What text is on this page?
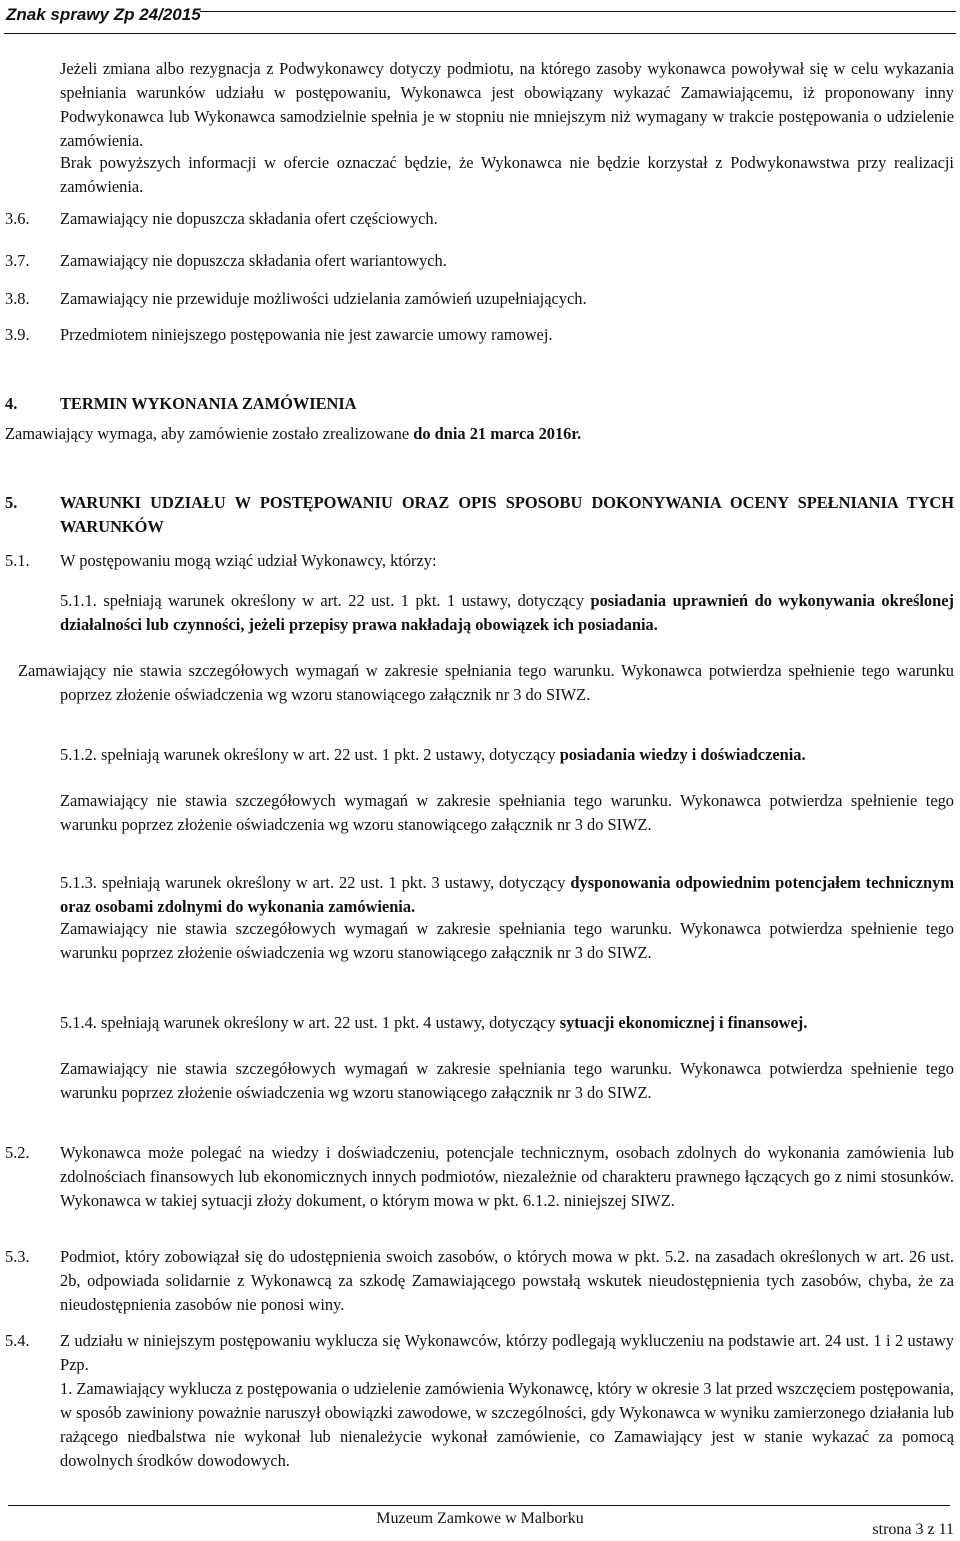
Znak sprawy Zp 24/2015
Jeżeli zmiana albo rezygnacja z Podwykonawcy dotyczy podmiotu, na którego zasoby wykonawca powoływał się w celu wykazania spełniania warunków udziału w postępowaniu, Wykonawca jest obowiązany wykazać Zamawiającemu, iż proponowany inny Podwykonawca lub Wykonawca samodzielnie spełnia je w stopniu nie mniejszym niż wymagany w trakcie postępowania o udzielenie zamówienia.
Brak powyższych informacji w ofercie oznaczać będzie, że Wykonawca nie będzie korzystał z Podwykonawstwa przy realizacji zamówienia.
3.6. Zamawiający nie dopuszcza składania ofert częściowych.
3.7. Zamawiający nie dopuszcza składania ofert wariantowych.
3.8. Zamawiający nie przewiduje możliwości udzielania zamówień uzupełniających.
3.9. Przedmiotem niniejszego postępowania nie jest zawarcie umowy ramowej.
4.	TERMIN WYKONANIA ZAMÓWIENIA
Zamawiający wymaga, aby zamówienie zostało zrealizowane do dnia 21 marca 2016r.
5.	WARUNKI UDZIAŁU W POSTĘPOWANIU ORAZ OPIS SPOSOBU DOKONYWANIA OCENY SPEŁNIANIA TYCH WARUNKÓW
5.1. W postępowaniu mogą wziąć udział Wykonawcy, którzy:
5.1.1. spełniają warunek określony w art. 22 ust. 1 pkt. 1 ustawy, dotyczący posiadania uprawnień do wykonywania określonej działalności lub czynności, jeżeli przepisy prawa nakładają obowiązek ich posiadania.
Zamawiający nie stawia szczegółowych wymagań w zakresie spełniania tego warunku. Wykonawca potwierdza spełnienie tego warunku poprzez złożenie oświadczenia wg wzoru stanowiącego załącznik nr 3 do SIWZ.
5.1.2. spełniają warunek określony w art. 22 ust. 1 pkt. 2 ustawy, dotyczący posiadania wiedzy i doświadczenia.
Zamawiający nie stawia szczegółowych wymagań w zakresie spełniania tego warunku. Wykonawca potwierdza spełnienie tego warunku poprzez złożenie oświadczenia wg wzoru stanowiącego załącznik nr 3 do SIWZ.
5.1.3. spełniają warunek określony w art. 22 ust. 1 pkt. 3 ustawy, dotyczący dysponowania odpowiednim potencjałem technicznym oraz osobami zdolnymi do wykonania zamówienia.
Zamawiający nie stawia szczegółowych wymagań w zakresie spełniania tego warunku. Wykonawca potwierdza spełnienie tego warunku poprzez złożenie oświadczenia wg wzoru stanowiącego załącznik nr 3 do SIWZ.
5.1.4. spełniają warunek określony w art. 22 ust. 1 pkt. 4 ustawy, dotyczący sytuacji ekonomicznej i finansowej.
Zamawiający nie stawia szczegółowych wymagań w zakresie spełniania tego warunku. Wykonawca potwierdza spełnienie tego warunku poprzez złożenie oświadczenia wg wzoru stanowiącego załącznik nr 3 do SIWZ.
5.2. Wykonawca może polegać na wiedzy i doświadczeniu, potencjale technicznym, osobach zdolnych do wykonania zamówienia lub zdolnościach finansowych lub ekonomicznych innych podmiotów, niezależnie od charakteru prawnego łączących go z nimi stosunków. Wykonawca w takiej sytuacji złoży dokument, o którym mowa w pkt. 6.1.2. niniejszej SIWZ.
5.3. Podmiot, który zobowiązał się do udostępnienia swoich zasobów, o których mowa w pkt. 5.2. na zasadach określonych w art. 26 ust. 2b, odpowiada solidarnie z Wykonawcą za szkodę Zamawiającego powstałą wskutek nieudostępnienia tych zasobów, chyba, że za nieudostępnienia zasobów nie ponosi winy.
5.4. Z udziału w niniejszym postępowaniu wyklucza się Wykonawców, którzy podlegają wykluczeniu na podstawie art. 24 ust. 1 i 2 ustawy Pzp.
1. Zamawiający wyklucza z postępowania o udzielenie zamówienia Wykonawcę, który w okresie 3 lat przed wszczęciem postępowania, w sposób zawiniony poważnie naruszył obowiązki zawodowe, w szczególności, gdy Wykonawca w wyniku zamierzonego działania lub rażącego niedbalstwa nie wykonał lub nienależycie wykonał zamówienie, co Zamawiający jest w stanie wykazać za pomocą dowolnych środków dowodowych.
Muzeum Zamkowe w Malborku
strona 3 z 11
